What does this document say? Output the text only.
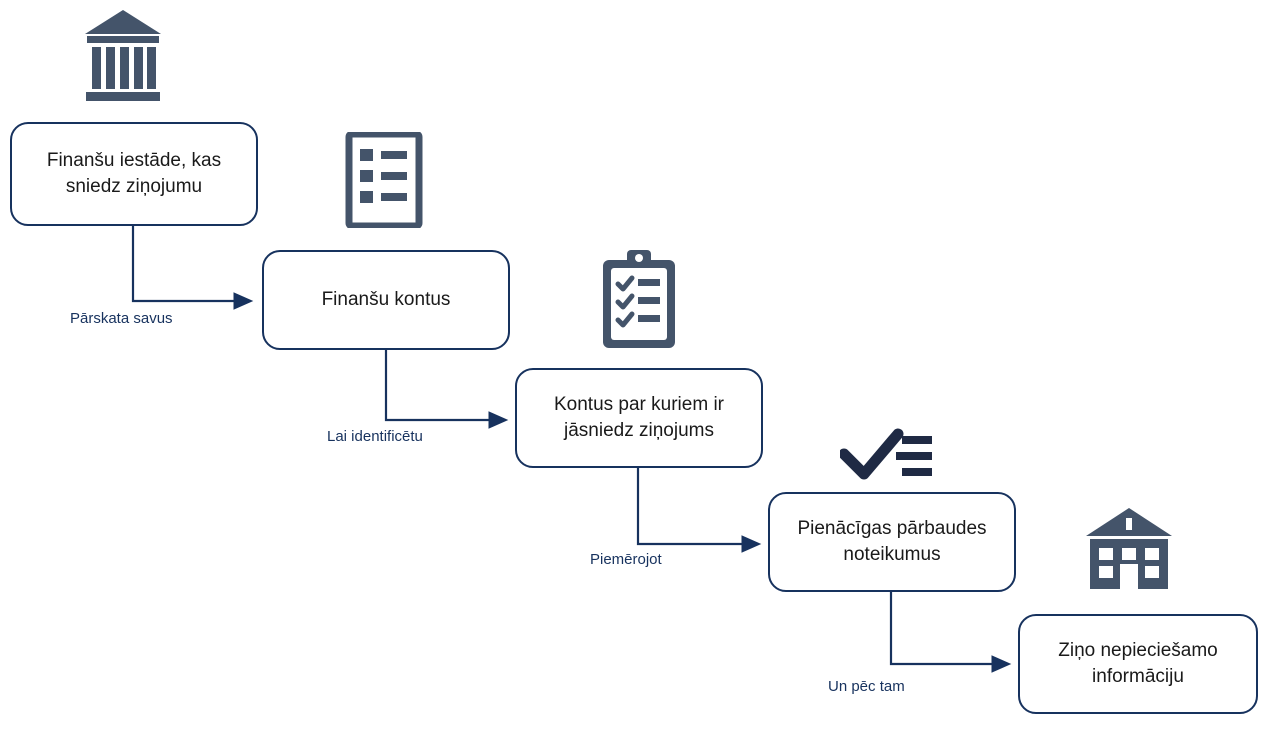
Finanšu iestāde, kas
sniedz ziņojumu
Finanšu kontus
Kontus par kuriem ir
jāsniedz ziņojums
Pienācīgas pārbaudes
noteikumus
Ziņo nepieciešamo
informāciju
Pārskata savus
Lai identificētu
Piemērojot
Un pēc tam
